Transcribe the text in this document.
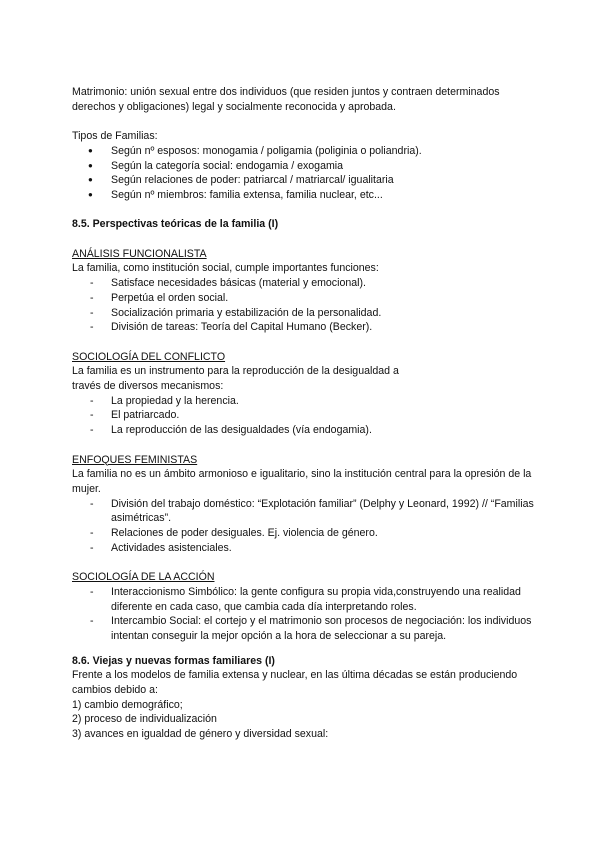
Matrimonio: unión sexual entre dos individuos (que residen juntos y contraen determinados derechos y obligaciones) legal y socialmente reconocida y aprobada.

Tipos de Familias:

● Según nº esposos: monogamia / poligamia (poliginia o poliandria).
● Según la categoría social: endogamia / exogamia
● Según relaciones de poder: patriarcal / matriarcal/ igualitaria
● Según nº miembros: familia extensa, familia nuclear, etc...

8.5. Perspectivas teóricas de la familia (I)

ANÁLISIS FUNCIONALISTA

La familia, como institución social, cumple importantes funciones:

- Satisface necesidades básicas (material y emocional).
- Perpetúa el orden social.
- Socialización primaria y estabilización de la personalidad.
- División de tareas: Teoría del Capital Humano (Becker).

SOCIOLOGÍA DEL CONFLICTO

La familia es un instrumento para la reproducción de la desigualdad a

través de diversos mecanismos:

- La propiedad y la herencia.
- El patriarcado.
- La reproducción de las desigualdades (vía endogamia).

ENFOQUES FEMINISTAS

La familia no es un ámbito armonioso e igualitario, sino la institución central para la opresión de la mujer.

- División del trabajo doméstico: “Explotación familiar” (Delphy y Leonard, 1992) // “Familias asimétricas”.
- Relaciones de poder desiguales. Ej. violencia de género.
- Actividades asistenciales.

SOCIOLOGÍA DE LA ACCIÓN

- Interaccionismo Simbólico: la gente configura su propia vida,construyendo una realidad diferente en cada caso, que cambia cada día interpretando roles.
- Intercambio Social: el cortejo y el matrimonio son procesos de negociación: los individuos intentan conseguir la mejor opción a la hora de seleccionar a su pareja.

8.6. Viejas y nuevas formas familiares (I)

Frente a los modelos de familia extensa y nuclear, en las última décadas se están produciendo cambios debido a:

1) cambio demográfico;
2) proceso de individualización
3) avances en igualdad de género y diversidad sexual:
